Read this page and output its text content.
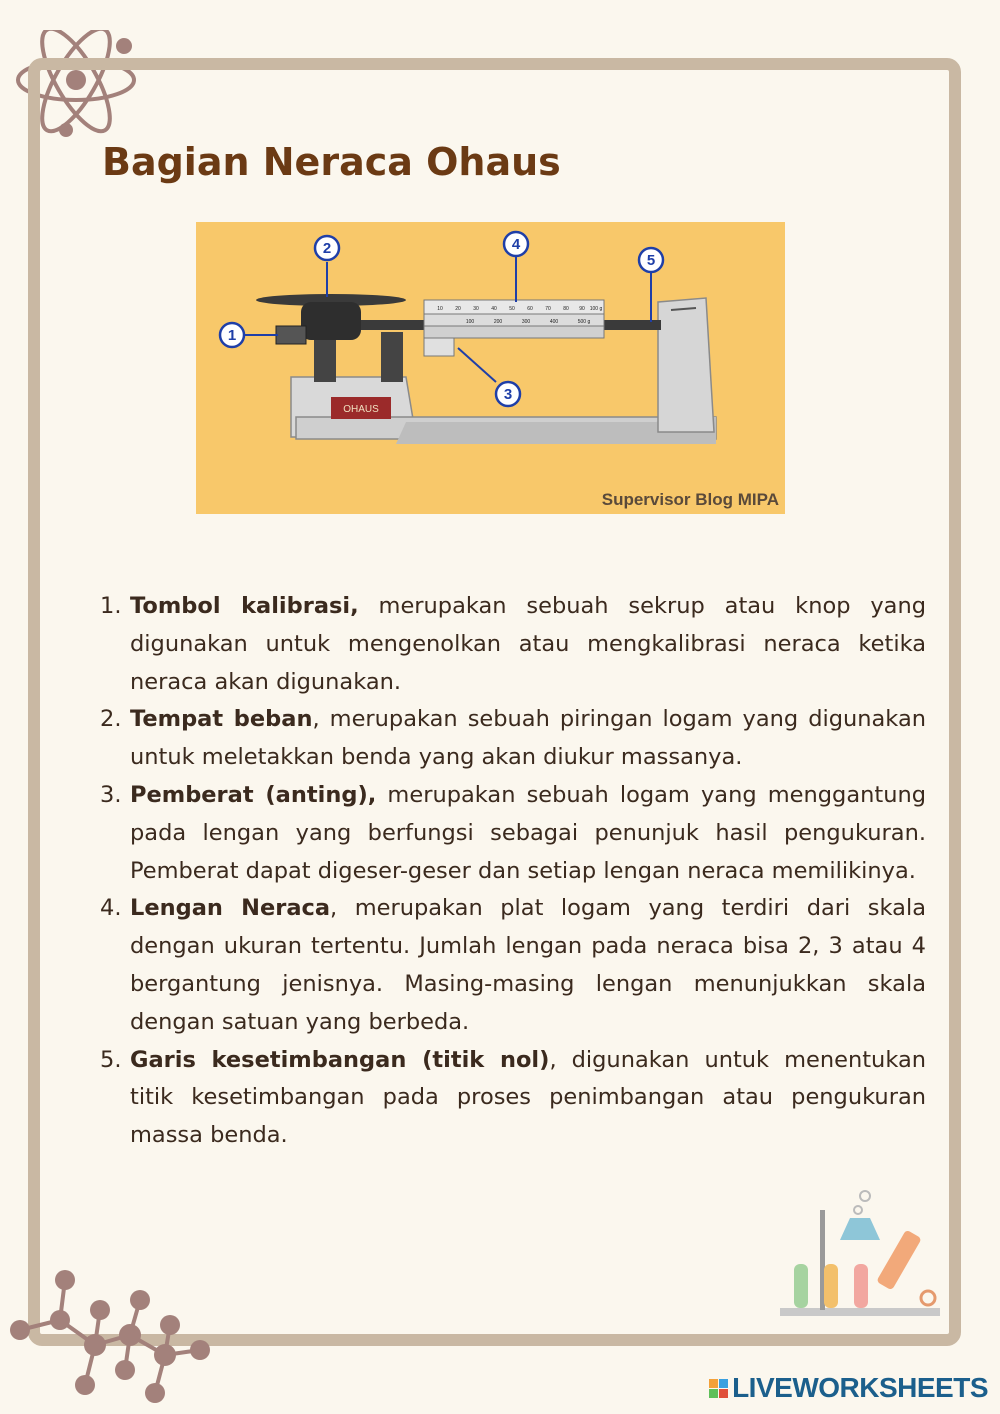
Bagian Neraca Ohaus
OHAUS
1
2
3
4
5
10 20 30 40 50 60 70 80 90 100 g
100	200	300	400	500 g

Supervisor Blog MIPA

1. Tombol kalibrasi, merupakan sebuah sekrup atau knop yang digunakan untuk mengenolkan atau mengkalibrasi neraca ketika neraca akan digunakan.
2. Tempat beban, merupakan sebuah piringan logam yang digunakan untuk meletakkan benda yang akan diukur massanya.
3. Pemberat (anting), merupakan sebuah logam yang menggantung pada lengan yang berfungsi sebagai penunjuk hasil pengukuran. Pemberat dapat digeser-geser dan setiap lengan neraca memilikinya.
4. Lengan Neraca, merupakan plat logam yang terdiri dari skala dengan ukuran tertentu. Jumlah lengan pada neraca bisa 2, 3 atau 4 bergantung jenisnya. Masing-masing lengan menunjukkan skala dengan satuan yang berbeda.
5. Garis kesetimbangan (titik nol), digunakan untuk menentukan titik kesetimbangan pada proses penimbangan atau pengukuran massa benda.
LIVEWORKSHEETS
